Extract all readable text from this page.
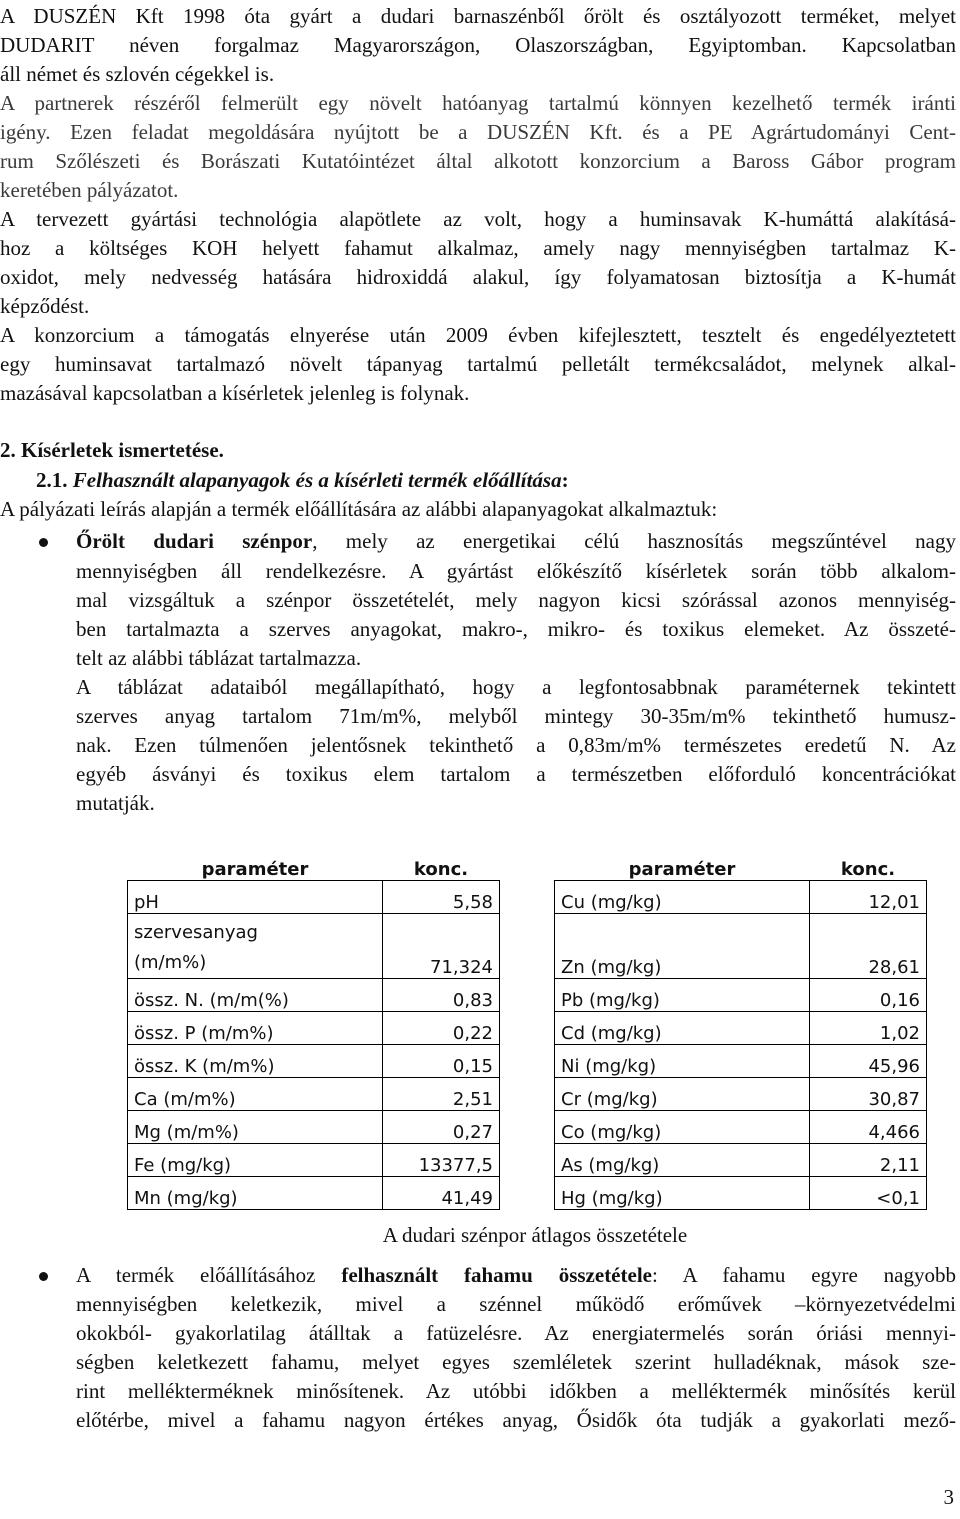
A DUSZÉN Kft 1998 óta gyárt a dudari barnaszénből őrölt és osztályozott terméket, melyet

DUDARIT néven forgalmaz Magyarországon, Olaszországban, Egyiptomban. Kapcsolatban

áll német és szlovén cégekkel is.

A partnerek részéről felmerült egy növelt hatóanyag tartalmú könnyen kezelhető termék iránti

igény. Ezen feladat megoldására nyújtott be a DUSZÉN Kft. és a PE Agrártudományi Cent-

rum Szőlészeti és Borászati Kutatóintézet által alkotott konzorcium a Baross Gábor program

keretében pályázatot.

A tervezett gyártási technológia alapötlete az volt, hogy a huminsavak K-humáttá alakításá-

hoz a költséges KOH helyett fahamut alkalmaz, amely nagy mennyiségben tartalmaz K-

oxidot, mely nedvesség hatására hidroxiddá alakul, így folyamatosan biztosítja a K-humát

képződést.

A konzorcium a támogatás elnyerése után 2009 évben kifejlesztett, tesztelt és engedélyeztetett

egy huminsavat tartalmazó növelt tápanyag tartalmú pelletált termékcsaládot, melynek alkal-

mazásával kapcsolatban a kísérletek jelenleg is folynak.

2. Kísérletek ismertetése.

2.1. Felhasznált alapanyagok és a kísérleti termék előállítása:

A pályázati leírás alapján a termék előállítására az alábbi alapanyagokat alkalmaztuk:

Őrölt dudari szénpor, mely az energetikai célú hasznosítás megszűntével nagy

mennyiségben áll rendelkezésre. A gyártást előkészítő kísérletek során több alkalom-

mal vizsgáltuk a szénpor összetételét, mely nagyon kicsi szórással azonos mennyiség-

ben tartalmazta a szerves anyagokat, makro-, mikro- és toxikus elemeket. Az összeté-

telt az alábbi táblázat tartalmazza.

A táblázat adataiból megállapítható, hogy a legfontosabbnak paraméternek tekintett

szerves anyag tartalom 71m/m%, melyből mintegy 30-35m/m% tekinthető humusz-

nak. Ezen túlmenően jelentősnek tekinthető a 0,83m/m% természetes eredetű N. Az

egyéb ásványi és toxikus elem tartalom a természetben előforduló koncentrációkat

mutatják.

paraméter	konc.		paraméter	konc.
pH	5,58		Cu (mg/kg)	12,01
szervesanyag
(m/m%)	71,324		Zn (mg/kg)	28,61
össz. N. (m/m(%)	0,83		Pb (mg/kg)	0,16
össz. P (m/m%)	0,22		Cd (mg/kg)	1,02
össz. K (m/m%)	0,15		Ni (mg/kg)	45,96
Ca (m/m%)	2,51		Cr (mg/kg)	30,87
Mg (m/m%)	0,27		Co (mg/kg)	4,466
Fe (mg/kg)	13377,5		As (mg/kg)	2,11
Mn (mg/kg)	41,49		Hg (mg/kg)	<0,1

A dudari szénpor átlagos összetétele

A termék előállításához felhasznált fahamu összetétele: A fahamu egyre nagyobb

mennyiségben keletkezik, mivel a szénnel működő erőművek –környezetvédelmi

okokból- gyakorlatilag átálltak a fatüzelésre. Az energiatermelés során óriási mennyi-

ségben keletkezett fahamu, melyet egyes szemléletek szerint hulladéknak, mások sze-

rint mellékterméknek minősítenek. Az utóbbi időkben a melléktermék minősítés kerül

előtérbe, mivel a fahamu nagyon értékes anyag, Ősidők óta tudják a gyakorlati mező-

3
